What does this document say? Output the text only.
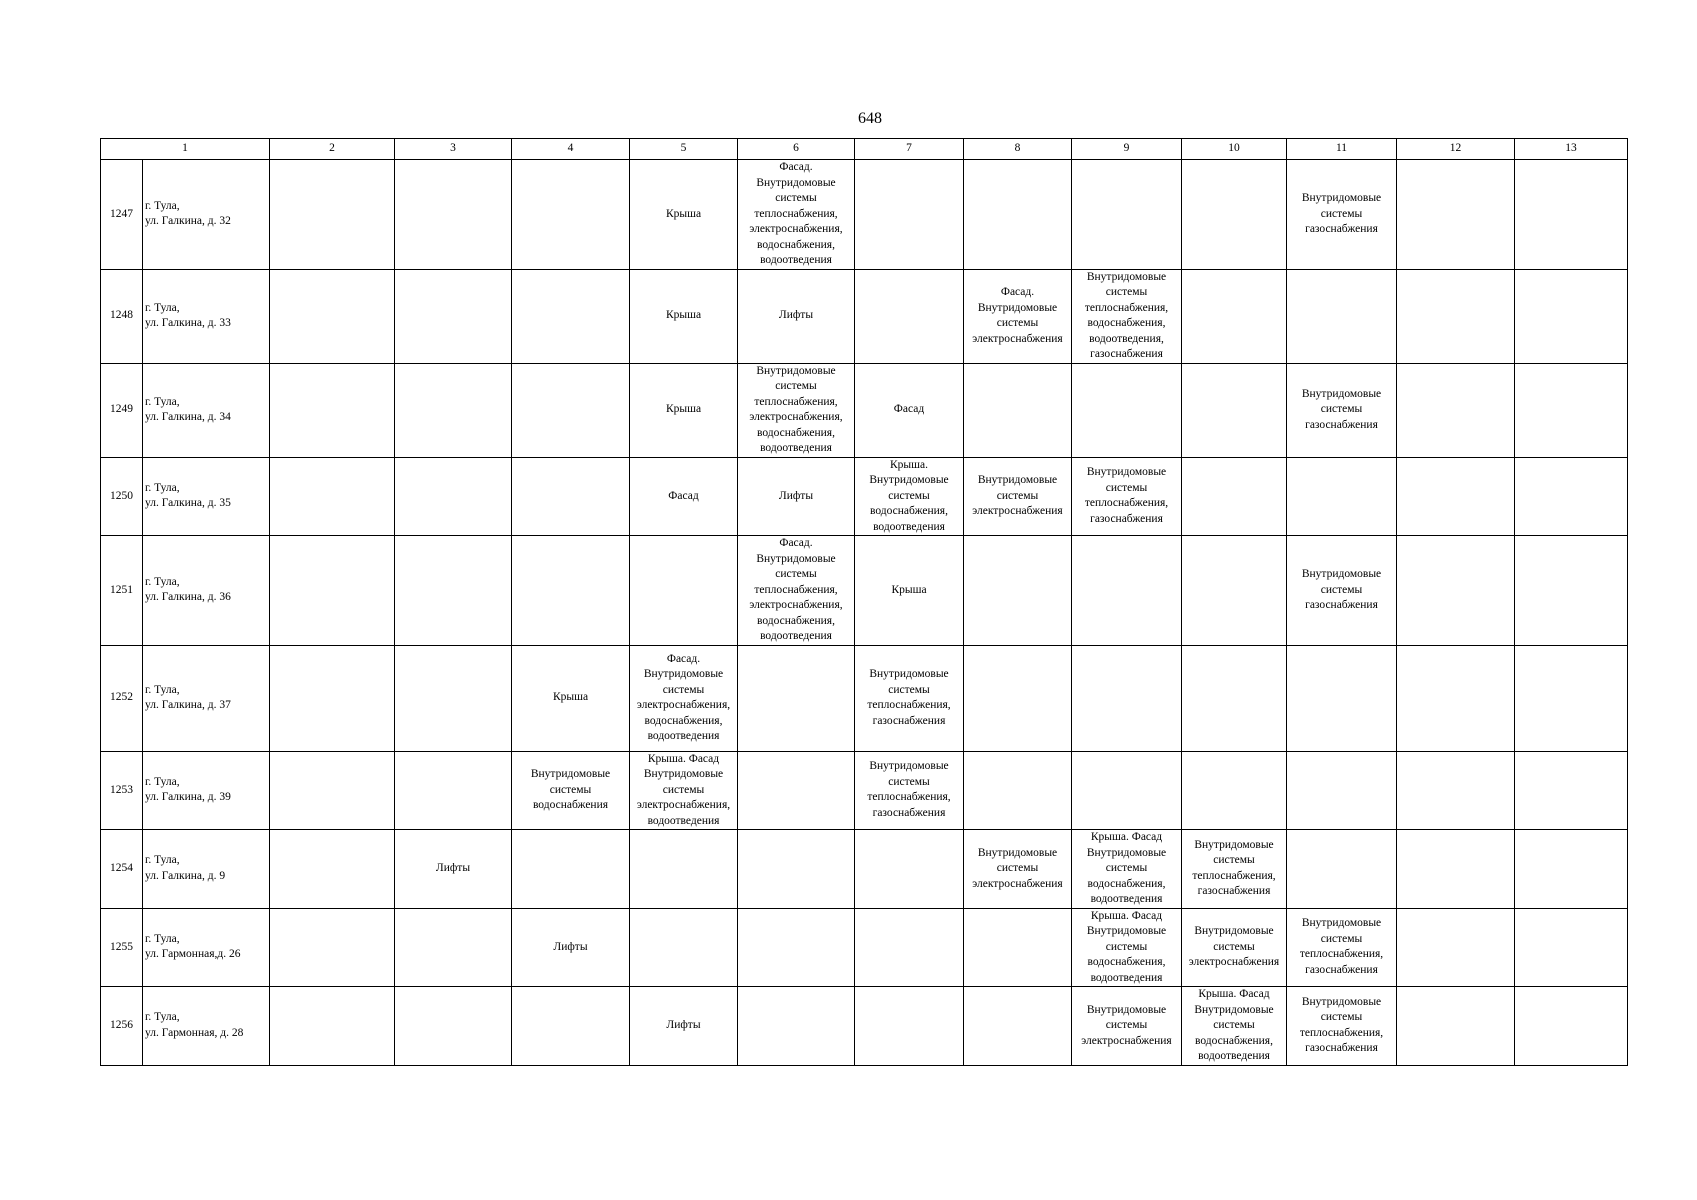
648
1		2	3	4	5	6	7	8	9	10	11	12	13
1247	г. Тула,
ул. Галкина, д. 32				Крыша	Фасад. Внутридомовые системы теплоснабжения, электроснабжения, водоснабжения, водоотведения					Внутридомовые системы газоснабжения		
1248	г. Тула,
ул. Галкина, д. 33				Крыша	Лифты		Фасад. Внутридомовые системы электроснабжения	Внутридомовые системы теплоснабжения, водоснабжения, водоотведения, газоснабжения				
1249	г. Тула,
ул. Галкина, д. 34				Крыша	Внутридомовые системы теплоснабжения, электроснабжения, водоснабжения, водоотведения	Фасад				Внутридомовые системы газоснабжения		
1250	г. Тула,
ул. Галкина, д. 35				Фасад	Лифты	Крыша. Внутридомовые системы водоснабжения, водоотведения	Внутридомовые системы электроснабжения	Внутридомовые системы теплоснабжения, газоснабжения				
1251	г. Тула,
ул. Галкина, д. 36					Фасад. Внутридомовые системы теплоснабжения, электроснабжения, водоснабжения, водоотведения	Крыша				Внутридомовые системы газоснабжения		
1252	г. Тула,
ул. Галкина, д. 37			Крыша	Фасад. Внутридомовые системы электроснабжения, водоснабжения, водоотведения		Внутридомовые системы теплоснабжения, газоснабжения						
1253	г. Тула,
ул. Галкина, д. 39			Внутридомовые системы водоснабжения	Крыша. Фасад Внутридомовые системы электроснабжения, водоотведения		Внутридомовые системы теплоснабжения, газоснабжения						
1254	г. Тула,
ул. Галкина, д. 9		Лифты					Внутридомовые системы электроснабжения	Крыша. Фасад Внутридомовые системы водоснабжения, водоотведения	Внутридомовые системы теплоснабжения, газоснабжения			
1255	г. Тула,
ул. Гармонная,д. 26			Лифты					Крыша. Фасад Внутридомовые системы водоснабжения, водоотведения	Внутридомовые системы электроснабжения	Внутридомовые системы теплоснабжения, газоснабжения		
1256	г. Тула,
ул. Гармонная, д. 28				Лифты				Внутридомовые системы электроснабжения	Крыша. Фасад Внутридомовые системы водоснабжения, водоотведения	Внутридомовые системы теплоснабжения, газоснабжения		
